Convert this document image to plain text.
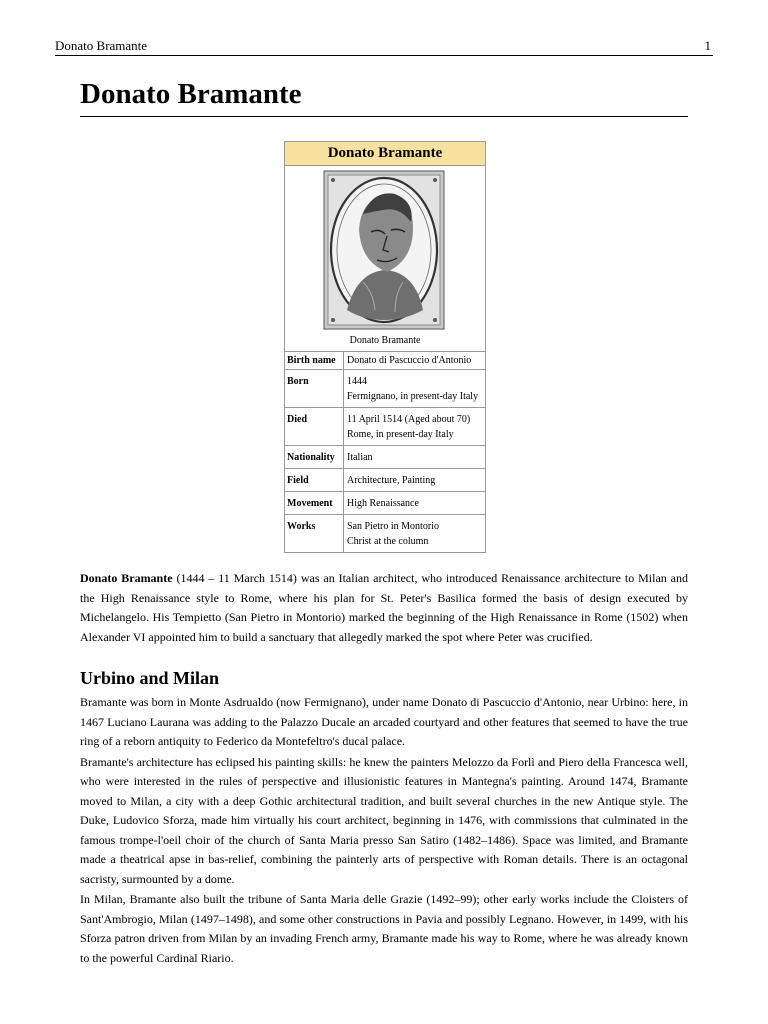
Donato Bramante	1
Donato Bramante
Donato Bramante
Donato Bramante
Birth name	Donato di Pascuccio d'Antonio
Born	1444
Fermignano, in present-day Italy
Died	11 April 1514 (Aged about 70)
Rome, in present-day Italy
Nationality	Italian
Field	Architecture, Painting
Movement	High Renaissance
Works	San Pietro in Montorio
Christ at the column

Donato Bramante (1444 – 11 March 1514) was an Italian architect, who introduced Renaissance architecture to Milan and the High Renaissance style to Rome, where his plan for St. Peter's Basilica formed the basis of design executed by Michelangelo. His Tempietto (San Pietro in Montorio) marked the beginning of the High Renaissance in Rome (1502) when Alexander VI appointed him to build a sanctuary that allegedly marked the spot where Peter was crucified.

Urbino and Milan

Bramante was born in Monte Asdrualdo (now Fermignano), under name Donato di Pascuccio d'Antonio, near Urbino: here, in 1467 Luciano Laurana was adding to the Palazzo Ducale an arcaded courtyard and other features that seemed to have the true ring of a reborn antiquity to Federico da Montefeltro's ducal palace.

Bramante's architecture has eclipsed his painting skills: he knew the painters Melozzo da Forlì and Piero della Francesca well, who were interested in the rules of perspective and illusionistic features in Mantegna's painting. Around 1474, Bramante moved to Milan, a city with a deep Gothic architectural tradition, and built several churches in the new Antique style. The Duke, Ludovico Sforza, made him virtually his court architect, beginning in 1476, with commissions that culminated in the famous trompe-l'oeil choir of the church of Santa Maria presso San Satiro (1482–1486). Space was limited, and Bramante made a theatrical apse in bas-relief, combining the painterly arts of perspective with Roman details. There is an octagonal sacristy, surmounted by a dome.

In Milan, Bramante also built the tribune of Santa Maria delle Grazie (1492–99); other early works include the Cloisters of Sant'Ambrogio, Milan (1497–1498), and some other constructions in Pavia and possibly Legnano. However, in 1499, with his Sforza patron driven from Milan by an invading French army, Bramante made his way to Rome, where he was already known to the powerful Cardinal Riario.
